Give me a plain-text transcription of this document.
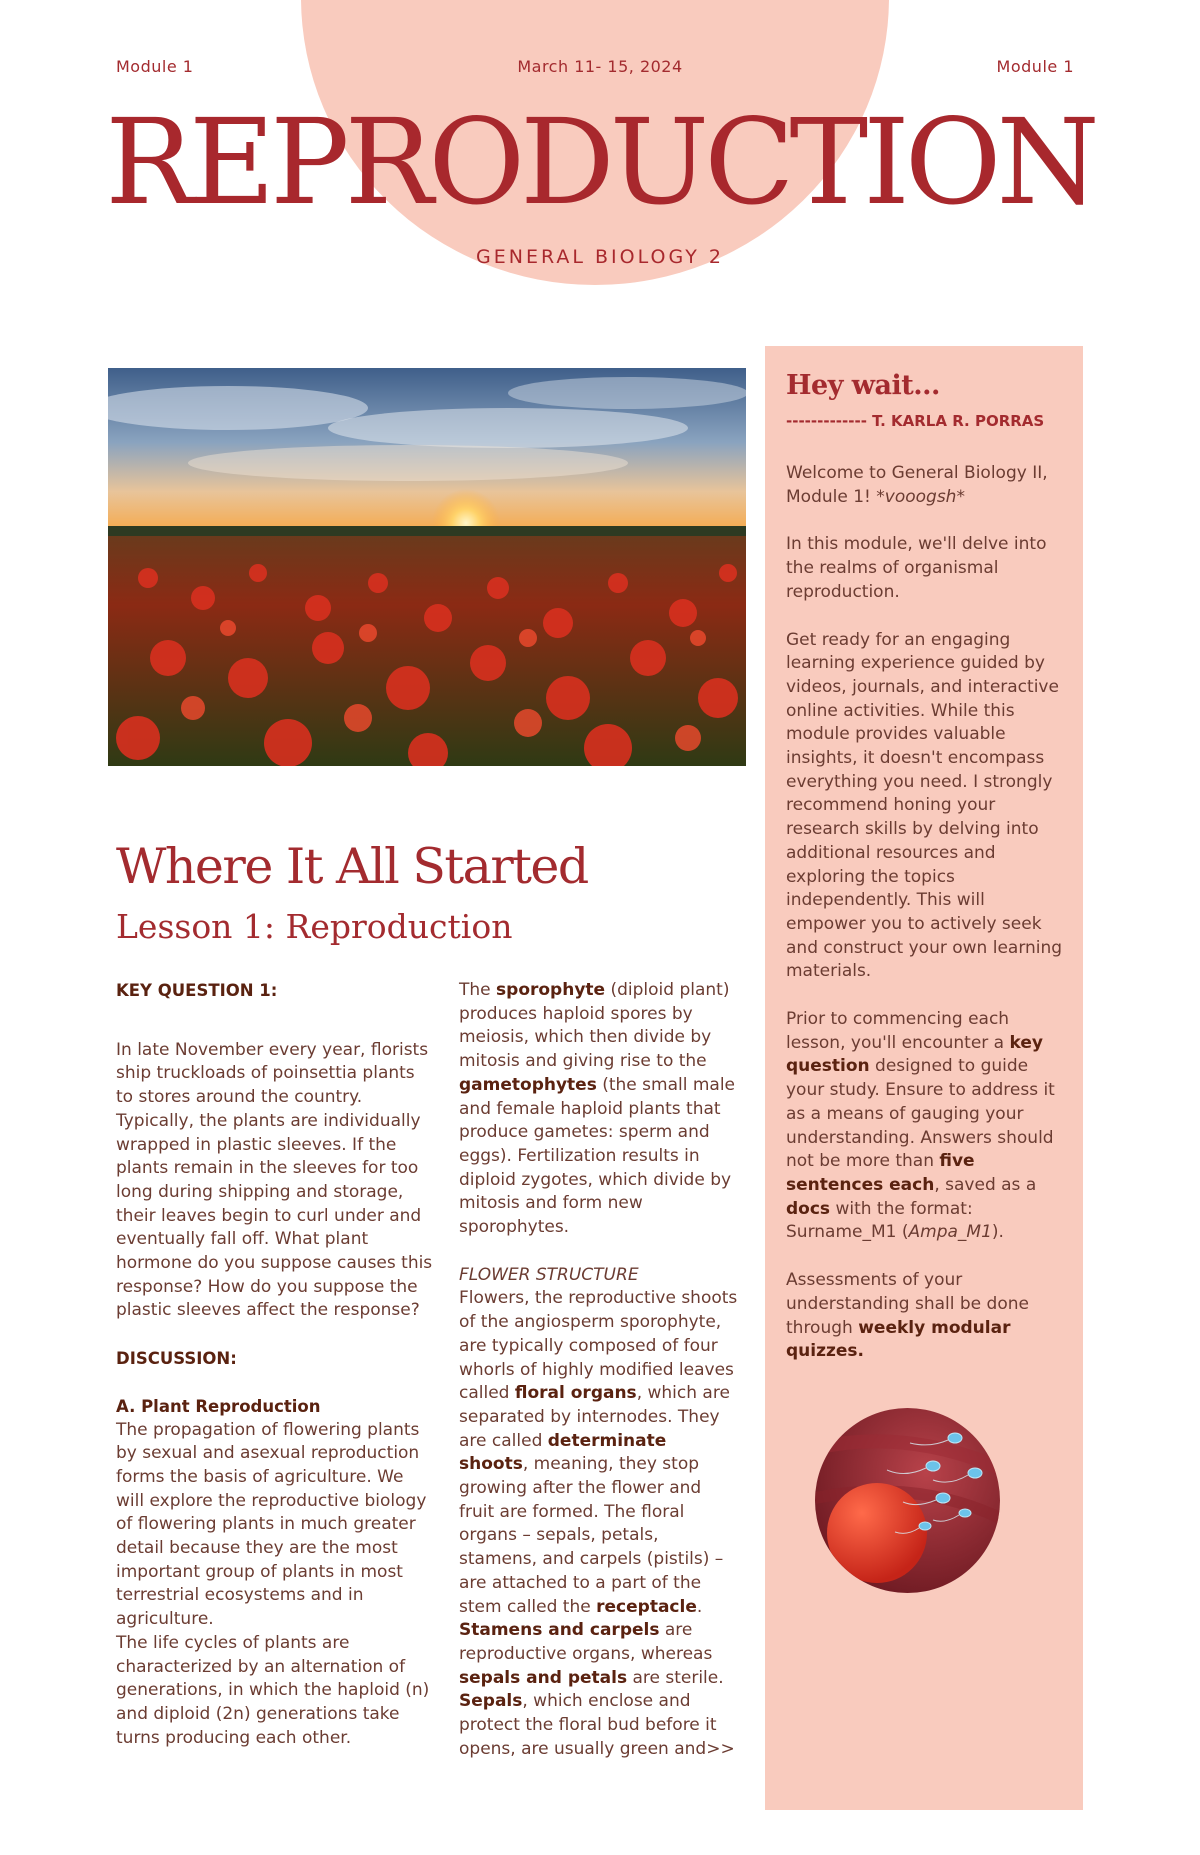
Module 1	March 11- 15, 2024	Module 1
REPRODUCTION
GENERAL BIOLOGY 2
Where It All Started
Lesson 1: Reproduction

KEY QUESTION 1:

In late November every year, florists ship truckloads of poinsettia plants to stores around the country. Typically, the plants are individually wrapped in plastic sleeves. If the plants remain in the sleeves for too long during shipping and storage, their leaves begin to curl under and eventually fall off. What plant hormone do you suppose causes this response? How do you suppose the plastic sleeves affect the response?

DISCUSSION:

A. Plant Reproduction

The propagation of flowering plants by sexual and asexual reproduction forms the basis of agriculture. We will explore the reproductive biology of flowering plants in much greater detail because they are the most important group of plants in most terrestrial ecosystems and in agriculture.

The life cycles of plants are characterized by an alternation of generations, in which the haploid (n) and diploid (2n) generations take turns producing each other.

The sporophyte (diploid plant) produces haploid spores by meiosis, which then divide by mitosis and giving rise to the gametophytes (the small male and female haploid plants that produce gametes: sperm and eggs). Fertilization results in diploid zygotes, which divide by mitosis and form new sporophytes.

FLOWER STRUCTURE

Flowers, the reproductive shoots of the angiosperm sporophyte, are typically composed of four whorls of highly modified leaves called floral organs, which are separated by internodes. They are called determinate shoots, meaning, they stop growing after the flower and fruit are formed. The floral organs – sepals, petals, stamens, and carpels (pistils) – are attached to a part of the stem called the receptacle. Stamens and carpels are reproductive organs, whereas sepals and petals are sterile. Sepals, which enclose and protect the floral bud before it opens, are usually green and>>

Hey wait...
------------- T. KARLA R. PORRAS

Welcome to General Biology II, Module 1! *vooogsh*

In this module, we'll delve into the realms of organismal reproduction.

Get ready for an engaging learning experience guided by videos, journals, and interactive online activities. While this module provides valuable insights, it doesn't encompass everything you need. I strongly recommend honing your research skills by delving into additional resources and exploring the topics independently. This will empower you to actively seek and construct your own learning materials.

Prior to commencing each lesson, you'll encounter a key question designed to guide your study. Ensure to address it as a means of gauging your understanding. Answers should not be more than five sentences each, saved as a docs with the format: Surname_M1 (Ampa_M1).

Assessments of your understanding shall be done through weekly modular quizzes.
